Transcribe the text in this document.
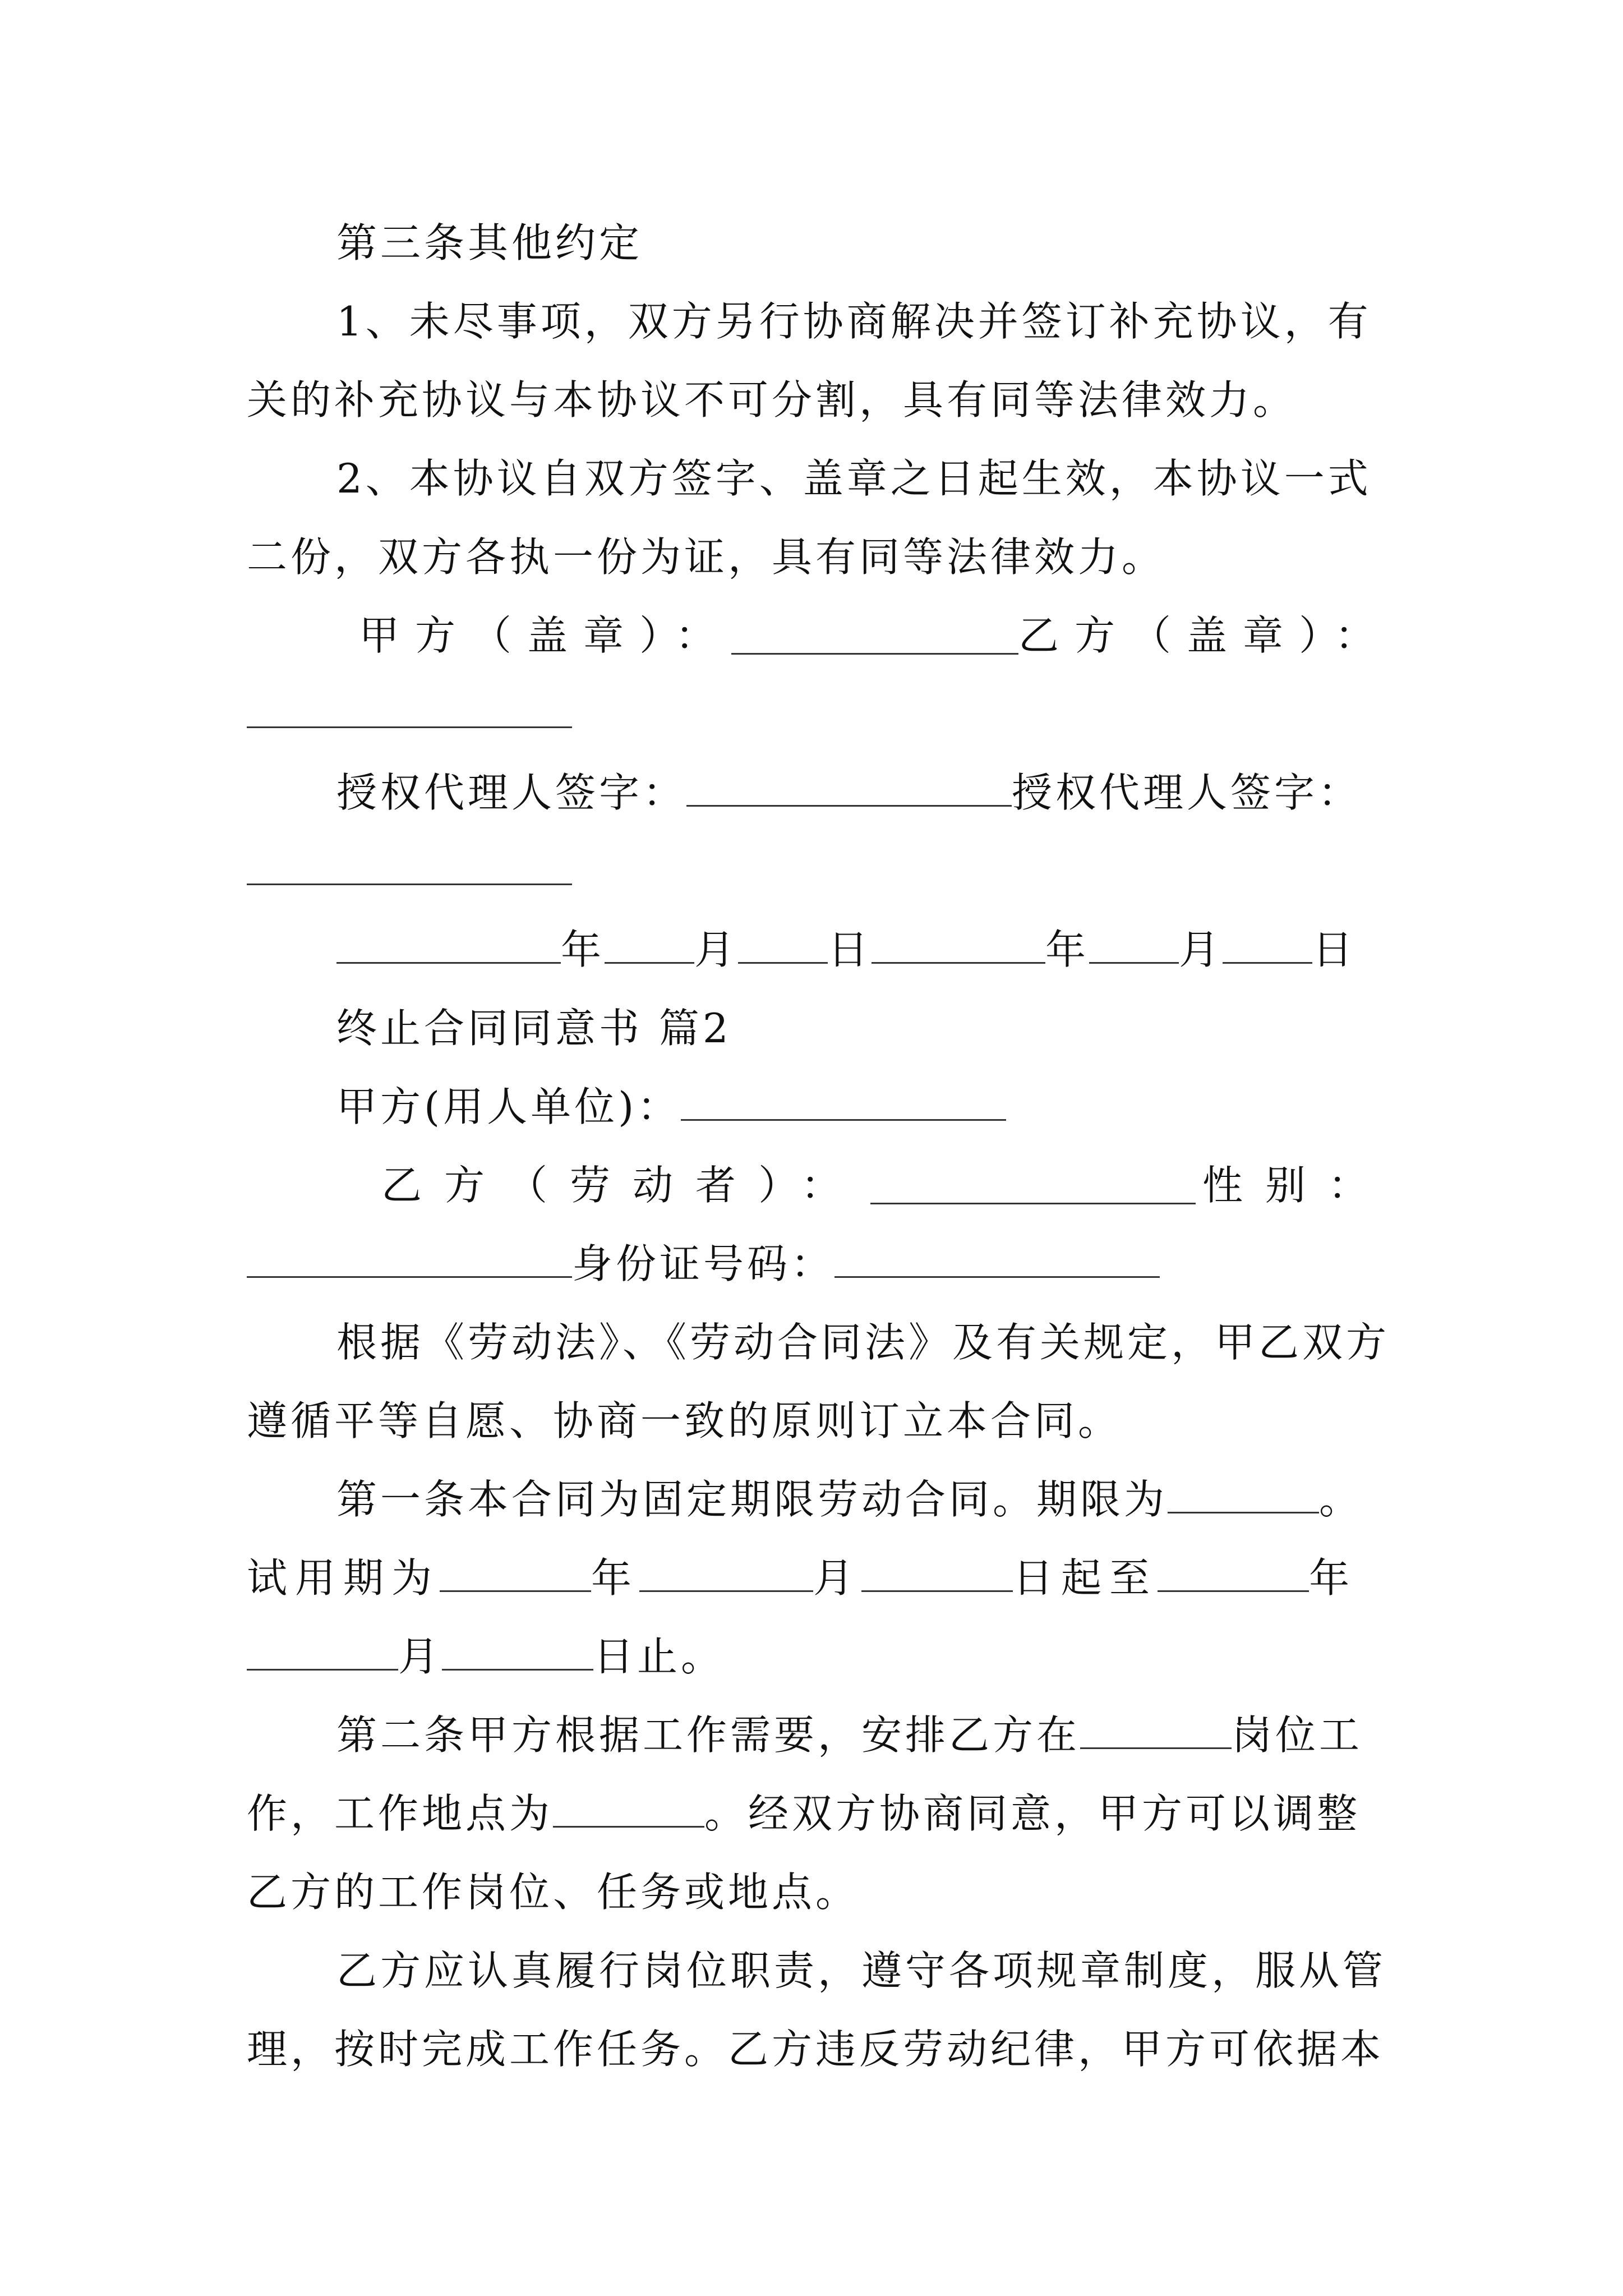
第三条其他约定
1、未尽事项，双方另行协商解决并签订补充协议，有
关的补充协议与本协议不可分割，具有同等法律效力。
2、本协议自双方签字、盖章之日起生效，本协议一式
二份，双方各执一份为证，具有同等法律效力。
甲方（盖章）：	乙方（盖章）：
授权代理人签字：	授权代理人签字：
年 月 日	年 月 日
终止合同同意书 篇2
甲方(用人单位)：
乙方（劳动者）：	性别：
身份证号码：
根据《劳动法》、《劳动合同法》及有关规定，甲乙双方
遵循平等自愿、协商一致的原则订立本合同。
第一条本合同为固定期限劳动合同。期限为	。
试用期为	年	月	日起至	年
月	日止。
第二条甲方根据工作需要，安排乙方在	岗位工
作，工作地点为	。经双方协商同意，甲方可以调整
乙方的工作岗位、任务或地点。
乙方应认真履行岗位职责，遵守各项规章制度，服从管
理，按时完成工作任务。乙方违反劳动纪律，甲方可依据本
